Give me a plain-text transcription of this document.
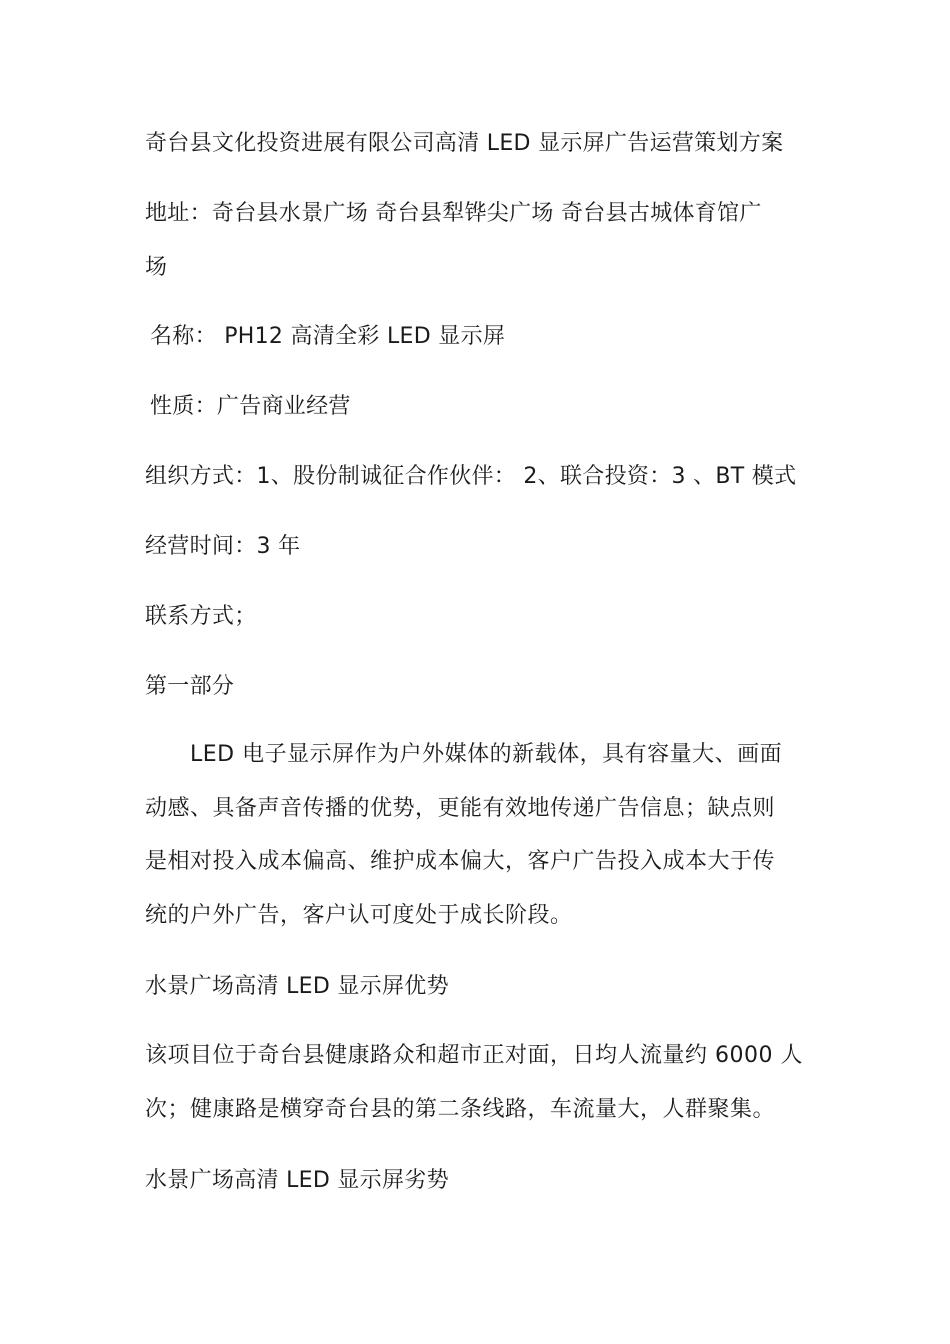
奇台县文化投资进展有限公司高清 LED 显示屏广告运营策划方案
地址：奇台县水景广场 奇台县犁铧尖广场 奇台县古城体育馆广
场
名称： PH12 高清全彩 LED 显示屏
性质：广告商业经营
组织方式：1、股份制诚征合作伙伴： 2、联合投资：3 、BT 模式
经营时间：3 年
联系方式；
第一部分
LED 电子显示屏作为户外媒体的新载体，具有容量大、画面
动感、具备声音传播的优势，更能有效地传递广告信息；缺点则
是相对投入成本偏高、维护成本偏大，客户广告投入成本大于传
统的户外广告，客户认可度处于成长阶段。
水景广场高清 LED 显示屏优势
该项目位于奇台县健康路众和超市正对面，日均人流量约 6000 人
次；健康路是横穿奇台县的第二条线路，车流量大，人群聚集。
水景广场高清 LED 显示屏劣势
